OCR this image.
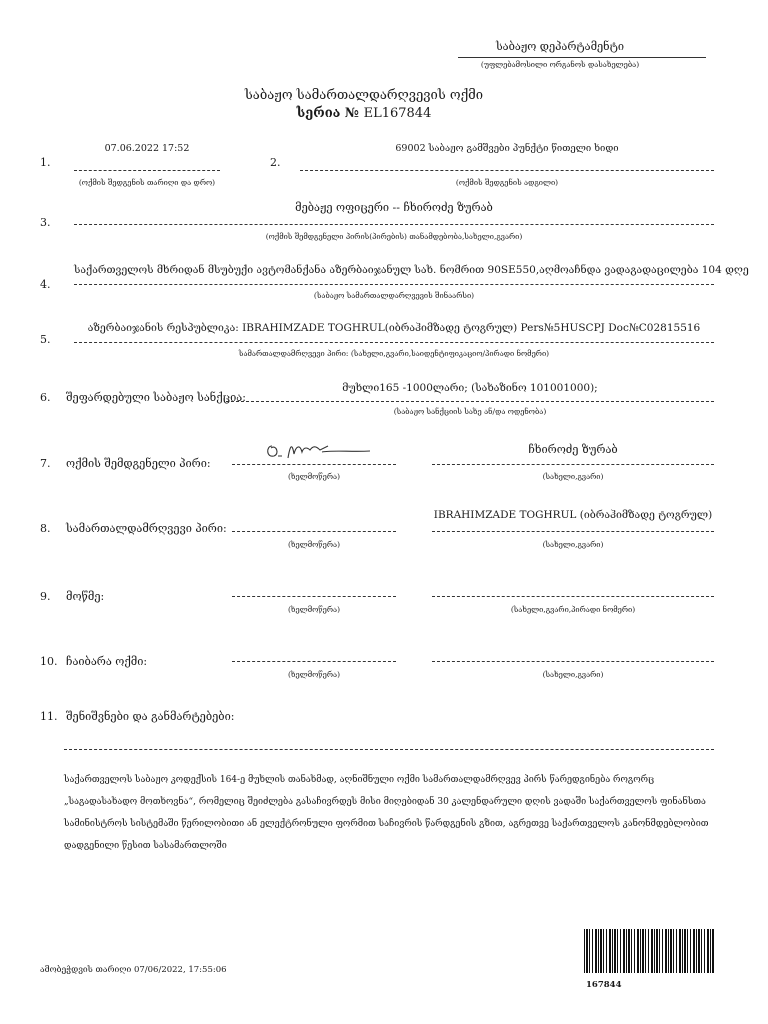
საბაჟო დეპარტამენტი
(უფლებამოსილი ორგანოს დასახელება)
საბაჟო სამართალდარღვევის ოქმი
სერია № EL167844
1.
07.06.2022 17:52
(ოქმის შედგენის თარიღი და დრო)
2.
69002 საბაჟო გამშვები პუნქტი წითელი ხიდი
(ოქმის შედგენის ადგილი)
3.
მებაჟე ოფიცერი -- ჩხიროძე ზურაბ
(ოქმის შემდგენელი პირის(პირების) თანამდებობა,სახელი,გვარი)
4.
საქართველოს მხრიდან მსუბუქი ავტომანქანა აზერბაიჯანულ სახ. ნომრით 90SE550,აღმოაჩნდა ვადაგადაცილება 104 დღე
(საბაჟო სამართალდარღვევის შინაარსი)
5.
აზერბაიჯანის რესპუბლიკა: IBRAHIMZADE TOGHRUL(იბრაჰიმზადე ტოგრულ) Pers№5HUSCPJ Doc№C02815516
სამართალდამრღვევი პირი: (სახელი,გვარი,საიდენტიფიკაციო/პირადი ნომერი)
6. შეფარდებული საბაჟო სანქცია:
მუხლი165 -1000ლარი; (სახაზინო 101001000);
(საბაჟო სანქციის სახე ან/და ოდენობა)
7. ოქმის შემდგენელი პირი:
(ხელმოწერა)
ჩხიროძე ზურაბ
(სახელი,გვარი)
8. სამართალდამრღვევი პირი:
(ხელმოწერა)
IBRAHIMZADE TOGHRUL (იბრაჰიმზადე ტოგრულ)
(სახელი,გვარი)
9. მოწმე:
(ხელმოწერა)	(სახელი,გვარი,პირადი ნომერი)
10. ჩაიბარა ოქმი:
(ხელმოწერა)	(სახელი,გვარი)
11. შენიშვნები და განმარტებები:
საქართველოს საბაჟო კოდექსის 164-ე მუხლის თანახმად, აღნიშნული ოქმი სამართალდამრღვევ პირს წარედგინება როგორც „საგადასახადო მოთხოვნა“, რომელიც შეიძლება გასაჩივრდეს მისი მიღებიდან 30 კალენდარული დღის ვადაში საქართველოს ფინანსთა სამინისტროს სისტემაში წერილობითი ან ელექტრონული ფორმით საჩივრის წარდგენის გზით, აგრეთვე საქართველოს კანონმდებლობით დადგენილი წესით სასამართლოში
ამობეჭდვის თარიღი 07/06/2022, 17:55:06
167844
